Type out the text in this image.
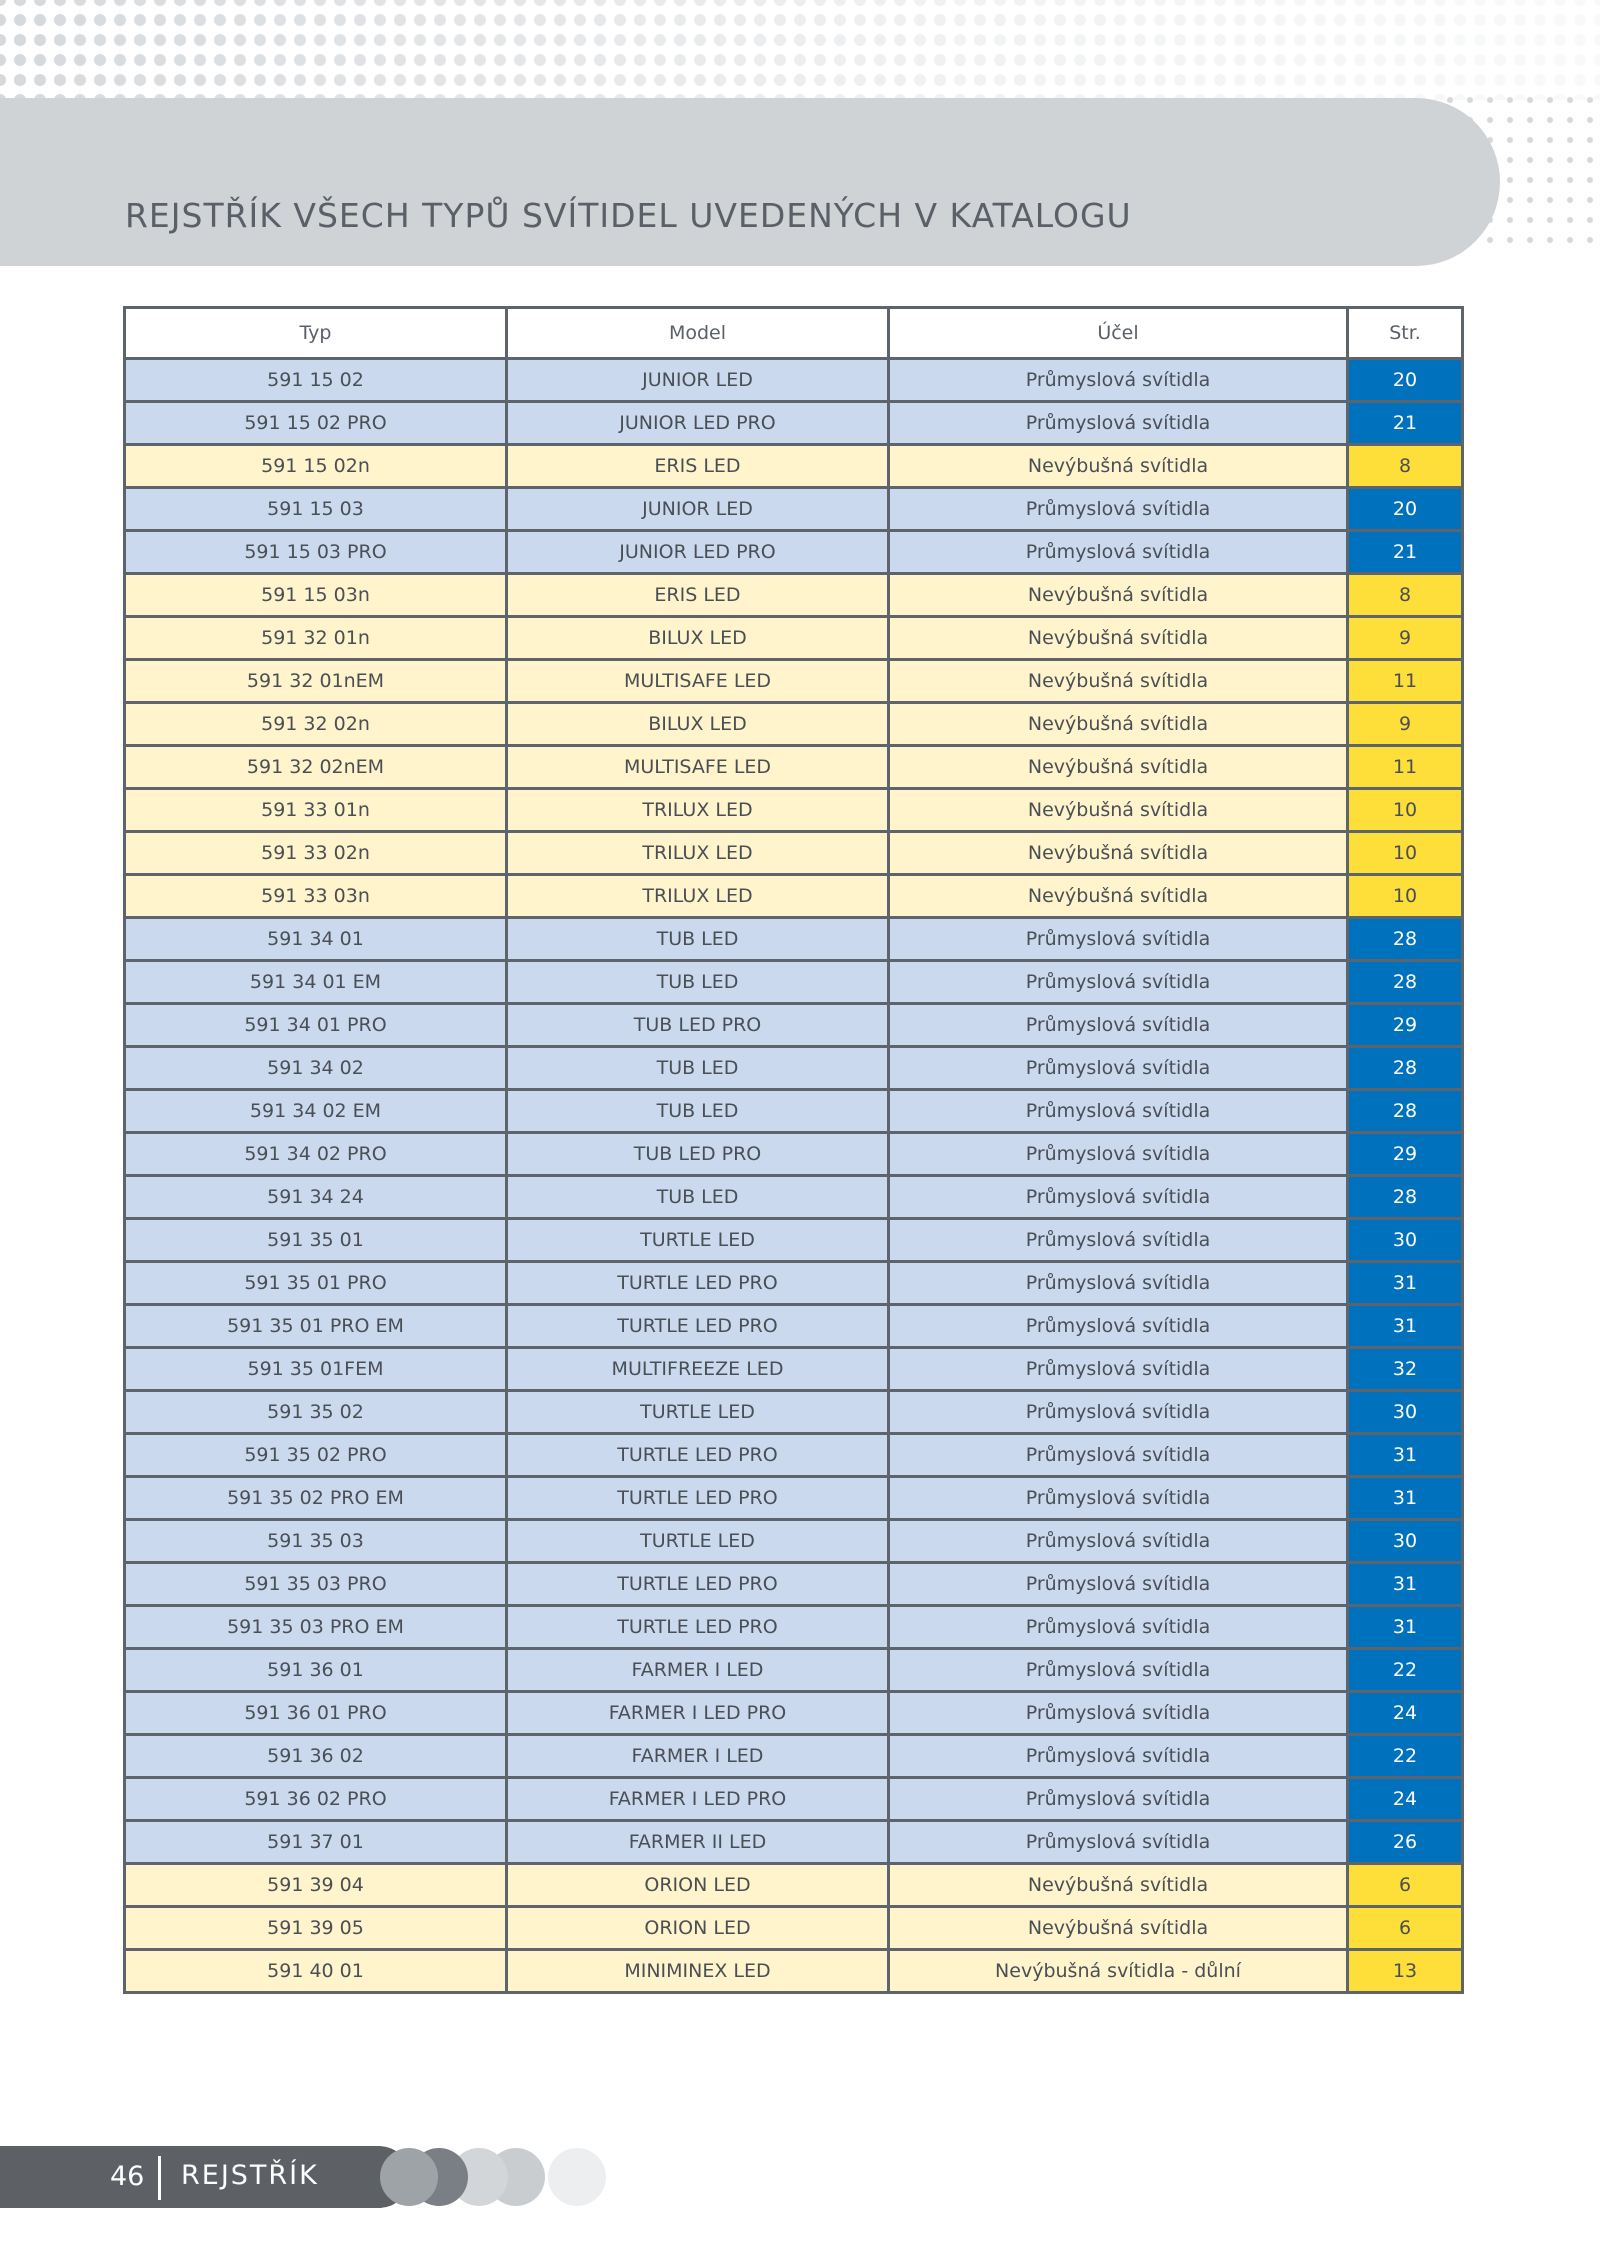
REJSTŘÍK VŠECH TYPŮ SVÍTIDEL UVEDENÝCH V KATALOGU
Typ	Model	Účel	Str.
591 15 02	JUNIOR LED	Průmyslová svítidla	20
591 15 02 PRO	JUNIOR LED PRO	Průmyslová svítidla	21
591 15 02n	ERIS LED	Nevýbušná svítidla	8
591 15 03	JUNIOR LED	Průmyslová svítidla	20
591 15 03 PRO	JUNIOR LED PRO	Průmyslová svítidla	21
591 15 03n	ERIS LED	Nevýbušná svítidla	8
591 32 01n	BILUX LED	Nevýbušná svítidla	9
591 32 01nEM	MULTISAFE LED	Nevýbušná svítidla	11
591 32 02n	BILUX LED	Nevýbušná svítidla	9
591 32 02nEM	MULTISAFE LED	Nevýbušná svítidla	11
591 33 01n	TRILUX LED	Nevýbušná svítidla	10
591 33 02n	TRILUX LED	Nevýbušná svítidla	10
591 33 03n	TRILUX LED	Nevýbušná svítidla	10
591 34 01	TUB LED	Průmyslová svítidla	28
591 34 01 EM	TUB LED	Průmyslová svítidla	28
591 34 01 PRO	TUB LED PRO	Průmyslová svítidla	29
591 34 02	TUB LED	Průmyslová svítidla	28
591 34 02 EM	TUB LED	Průmyslová svítidla	28
591 34 02 PRO	TUB LED PRO	Průmyslová svítidla	29
591 34 24	TUB LED	Průmyslová svítidla	28
591 35 01	TURTLE LED	Průmyslová svítidla	30
591 35 01 PRO	TURTLE LED PRO	Průmyslová svítidla	31
591 35 01 PRO EM	TURTLE LED PRO	Průmyslová svítidla	31
591 35 01FEM	MULTIFREEZE LED	Průmyslová svítidla	32
591 35 02	TURTLE LED	Průmyslová svítidla	30
591 35 02 PRO	TURTLE LED PRO	Průmyslová svítidla	31
591 35 02 PRO EM	TURTLE LED PRO	Průmyslová svítidla	31
591 35 03	TURTLE LED	Průmyslová svítidla	30
591 35 03 PRO	TURTLE LED PRO	Průmyslová svítidla	31
591 35 03 PRO EM	TURTLE LED PRO	Průmyslová svítidla	31
591 36 01	FARMER I LED	Průmyslová svítidla	22
591 36 01 PRO	FARMER I LED PRO	Průmyslová svítidla	24
591 36 02	FARMER I LED	Průmyslová svítidla	22
591 36 02 PRO	FARMER I LED PRO	Průmyslová svítidla	24
591 37 01	FARMER II LED	Průmyslová svítidla	26
591 39 04	ORION LED	Nevýbušná svítidla	6
591 39 05	ORION LED	Nevýbušná svítidla	6
591 40 01	MINIMINEX LED	Nevýbušná svítidla - důlní	13
46 REJSTŘÍK
